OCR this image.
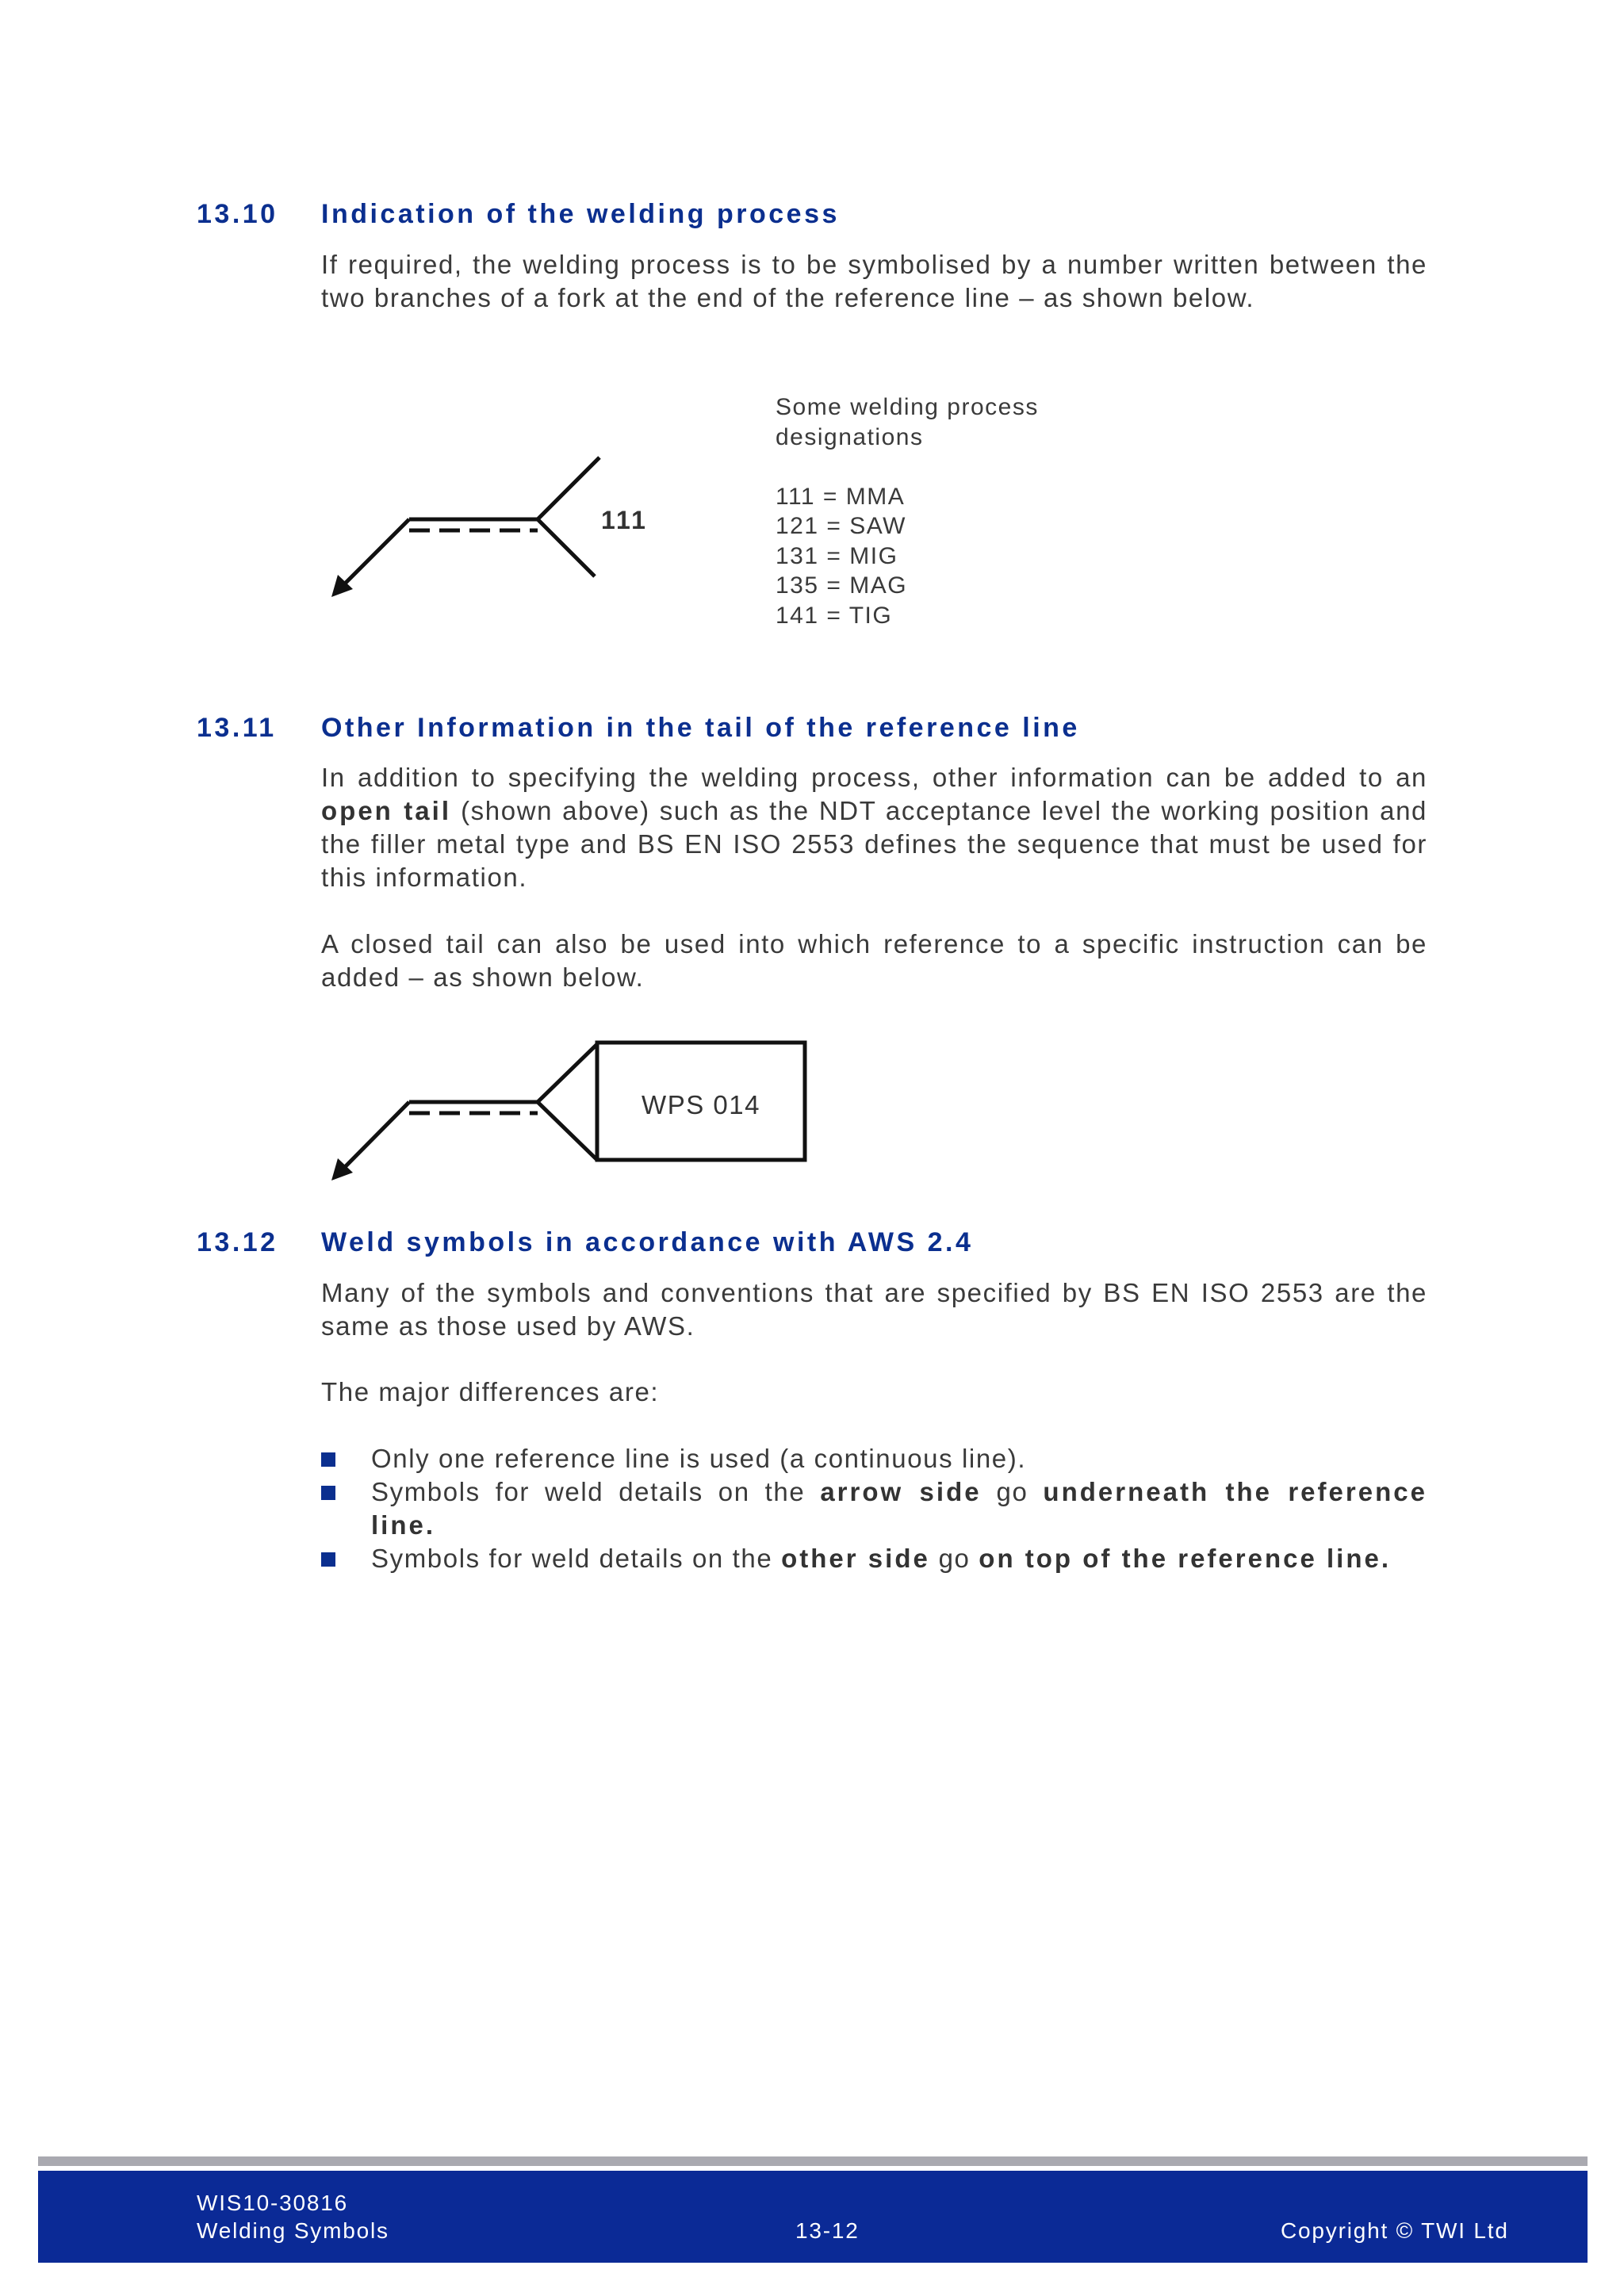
13.10 Indication of the welding process
If required, the welding process is to be symbolised by a number written between the two branches of a fork at the end of the reference line – as shown below.
111
Some welding process
designations
111 = MMA
121 = SAW
131 = MIG
135 = MAG
141 = TIG
13.11 Other Information in the tail of the reference line
In addition to specifying the welding process, other information can be added to an open tail (shown above) such as the NDT acceptance level the working position and the filler metal type and BS EN ISO 2553 defines the sequence that must be used for this information.
A closed tail can also be used into which reference to a specific instruction can be added – as shown below.
WPS 014
13.12 Weld symbols in accordance with AWS 2.4
Many of the symbols and conventions that are specified by BS EN ISO 2553 are the same as those used by AWS.
The major differences are:
Only one reference line is used (a continuous line).
Symbols for weld details on the arrow side go underneath the reference line.
Symbols for weld details on the other side go on top of the reference line.
WIS10-30816
Welding Symbols	13-12	Copyright © TWI Ltd
